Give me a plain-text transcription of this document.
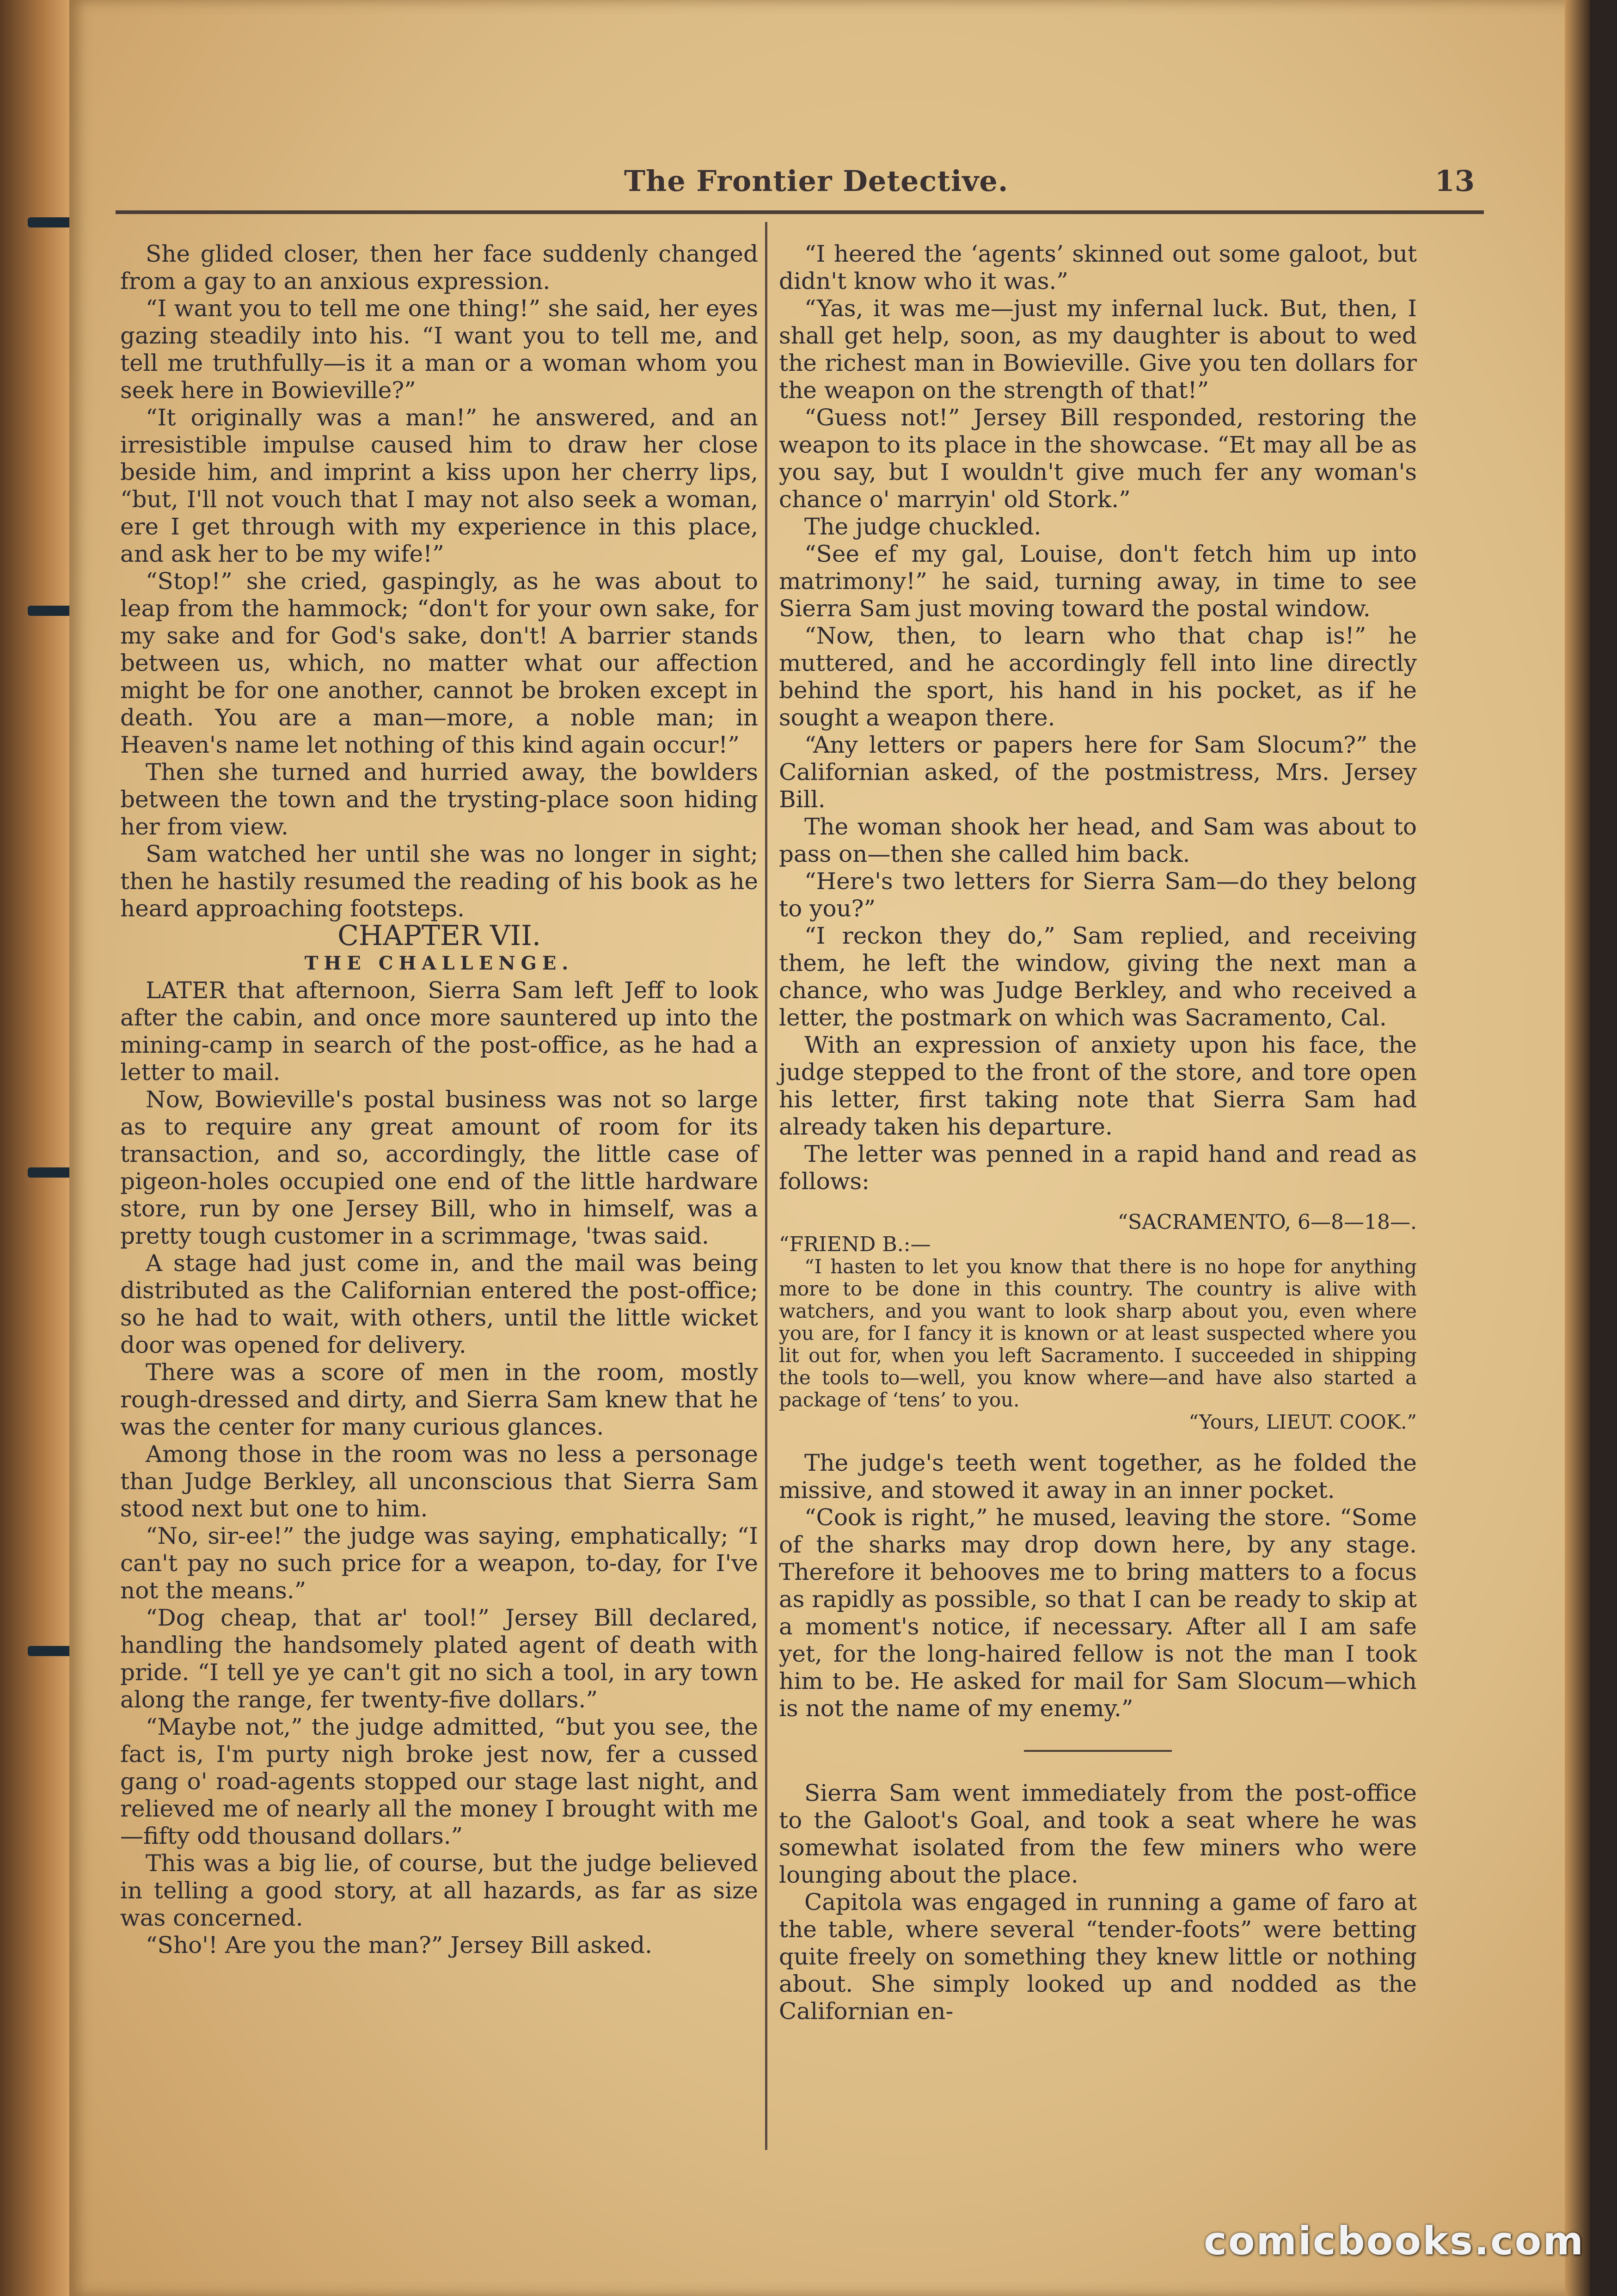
The Frontier Detective.	13

She glided closer, then her face suddenly changed from a gay to an anxious expression.

“I want you to tell me one thing!” she said, her eyes gazing steadily into his. “I want you to tell me, and tell me truthfully—is it a man or a woman whom you seek here in Bowieville?”

“It originally was a man!” he answered, and an irresistible impulse caused him to draw her close beside him, and imprint a kiss upon her cherry lips, “but, I'll not vouch that I may not also seek a woman, ere I get through with my experience in this place, and ask her to be my wife!”

“Stop!” she cried, gaspingly, as he was about to leap from the hammock; “don't for your own sake, for my sake and for God's sake, don't! A barrier stands between us, which, no matter what our affection might be for one another, cannot be broken except in death. You are a man—more, a noble man; in Heaven's name let nothing of this kind again occur!”

Then she turned and hurried away, the bowlders between the town and the trysting-place soon hiding her from view.

Sam watched her until she was no longer in sight; then he hastily resumed the reading of his book as he heard approaching footsteps.

CHAPTER VII.

THE CHALLENGE.

LATER that afternoon, Sierra Sam left Jeff to look after the cabin, and once more sauntered up into the mining-camp in search of the post-office, as he had a letter to mail.

Now, Bowieville's postal business was not so large as to require any great amount of room for its transaction, and so, accordingly, the little case of pigeon-holes occupied one end of the little hardware store, run by one Jersey Bill, who in himself, was a pretty tough customer in a scrimmage, 'twas said.

A stage had just come in, and the mail was being distributed as the Californian entered the post-office; so he had to wait, with others, until the little wicket door was opened for delivery.

There was a score of men in the room, mostly rough-dressed and dirty, and Sierra Sam knew that he was the center for many curious glances.

Among those in the room was no less a personage than Judge Berkley, all unconscious that Sierra Sam stood next but one to him.

“No, sir-ee!” the judge was saying, emphatically; “I can't pay no such price for a weapon, to-day, for I've not the means.”

“Dog cheap, that ar' tool!” Jersey Bill declared, handling the handsomely plated agent of death with pride. “I tell ye ye can't git no sich a tool, in ary town along the range, fer twenty-five dollars.”

“Maybe not,” the judge admitted, “but you see, the fact is, I'm purty nigh broke jest now, fer a cussed gang o' road-agents stopped our stage last night, and relieved me of nearly all the money I brought with me—fifty odd thousand dollars.”

This was a big lie, of course, but the judge believed in telling a good story, at all hazards, as far as size was concerned.

“Sho'! Are you the man?” Jersey Bill asked.

“I heered the ‘agents’ skinned out some galoot, but didn't know who it was.”

“Yas, it was me—just my infernal luck. But, then, I shall get help, soon, as my daughter is about to wed the richest man in Bowieville. Give you ten dollars for the weapon on the strength of that!”

“Guess not!” Jersey Bill responded, restoring the weapon to its place in the showcase. “Et may all be as you say, but I wouldn't give much fer any woman's chance o' marryin' old Stork.”

The judge chuckled.

“See ef my gal, Louise, don't fetch him up into matrimony!” he said, turning away, in time to see Sierra Sam just moving toward the postal window.

“Now, then, to learn who that chap is!” he muttered, and he accordingly fell into line directly behind the sport, his hand in his pocket, as if he sought a weapon there.

“Any letters or papers here for Sam Slocum?” the Californian asked, of the postmistress, Mrs. Jersey Bill.

The woman shook her head, and Sam was about to pass on—then she called him back.

“Here's two letters for Sierra Sam—do they belong to you?”

“I reckon they do,” Sam replied, and receiving them, he left the window, giving the next man a chance, who was Judge Berkley, and who received a letter, the postmark on which was Sacramento, Cal.

With an expression of anxiety upon his face, the judge stepped to the front of the store, and tore open his letter, first taking note that Sierra Sam had already taken his departure.

The letter was penned in a rapid hand and read as follows:

“SACRAMENTO, 6—8—18—.

“FRIEND B.:—

“I hasten to let you know that there is no hope for anything more to be done in this country. The country is alive with watchers, and you want to look sharp about you, even where you are, for I fancy it is known or at least suspected where you lit out for, when you left Sacramento. I succeeded in shipping the tools to—well, you know where—and have also started a package of ‘tens’ to you.

“Yours, LIEUT. COOK.”

The judge's teeth went together, as he folded the missive, and stowed it away in an inner pocket.

“Cook is right,” he mused, leaving the store. “Some of the sharks may drop down here, by any stage. Therefore it behooves me to bring matters to a focus as rapidly as possible, so that I can be ready to skip at a moment's notice, if necessary. After all I am safe yet, for the long-haired fellow is not the man I took him to be. He asked for mail for Sam Slocum—which is not the name of my enemy.”

Sierra Sam went immediately from the post-office to the Galoot's Goal, and took a seat where he was somewhat isolated from the few miners who were lounging about the place.

Capitola was engaged in running a game of faro at the table, where several “tender-foots” were betting quite freely on something they knew little or nothing about. She simply looked up and nodded as the Californian en-

comicbooks.com
